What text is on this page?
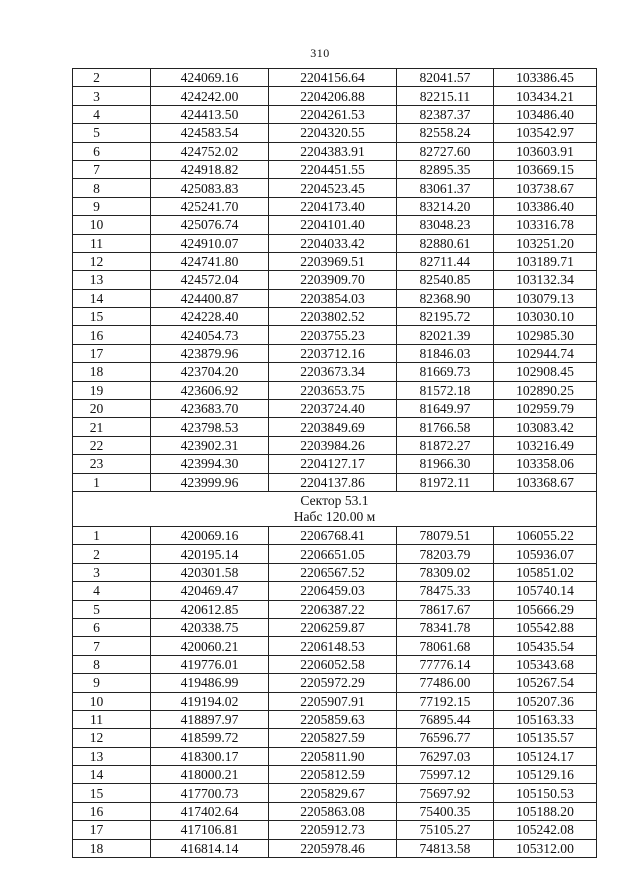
310
2	424069.16	2204156.64	82041.57	103386.45
3	424242.00	2204206.88	82215.11	103434.21
4	424413.50	2204261.53	82387.37	103486.40
5	424583.54	2204320.55	82558.24	103542.97
6	424752.02	2204383.91	82727.60	103603.91
7	424918.82	2204451.55	82895.35	103669.15
8	425083.83	2204523.45	83061.37	103738.67
9	425241.70	2204173.40	83214.20	103386.40
10	425076.74	2204101.40	83048.23	103316.78
11	424910.07	2204033.42	82880.61	103251.20
12	424741.80	2203969.51	82711.44	103189.71
13	424572.04	2203909.70	82540.85	103132.34
14	424400.87	2203854.03	82368.90	103079.13
15	424228.40	2203802.52	82195.72	103030.10
16	424054.73	2203755.23	82021.39	102985.30
17	423879.96	2203712.16	81846.03	102944.74
18	423704.20	2203673.34	81669.73	102908.45
19	423606.92	2203653.75	81572.18	102890.25
20	423683.70	2203724.40	81649.97	102959.79
21	423798.53	2203849.69	81766.58	103083.42
22	423902.31	2203984.26	81872.27	103216.49
23	423994.30	2204127.17	81966.30	103358.06
1	423999.96	2204137.86	81972.11	103368.67

Сектор 53.1
Набс 120.00 м				

1	420069.16	2206768.41	78079.51	106055.22
2	420195.14	2206651.05	78203.79	105936.07
3	420301.58	2206567.52	78309.02	105851.02
4	420469.47	2206459.03	78475.33	105740.14
5	420612.85	2206387.22	78617.67	105666.29
6	420338.75	2206259.87	78341.78	105542.88
7	420060.21	2206148.53	78061.68	105435.54
8	419776.01	2206052.58	77776.14	105343.68
9	419486.99	2205972.29	77486.00	105267.54
10	419194.02	2205907.91	77192.15	105207.36
11	418897.97	2205859.63	76895.44	105163.33
12	418599.72	2205827.59	76596.77	105135.57
13	418300.17	2205811.90	76297.03	105124.17
14	418000.21	2205812.59	75997.12	105129.16
15	417700.73	2205829.67	75697.92	105150.53
16	417402.64	2205863.08	75400.35	105188.20
17	417106.81	2205912.73	75105.27	105242.08
18	416814.14	2205978.46	74813.58	105312.00
